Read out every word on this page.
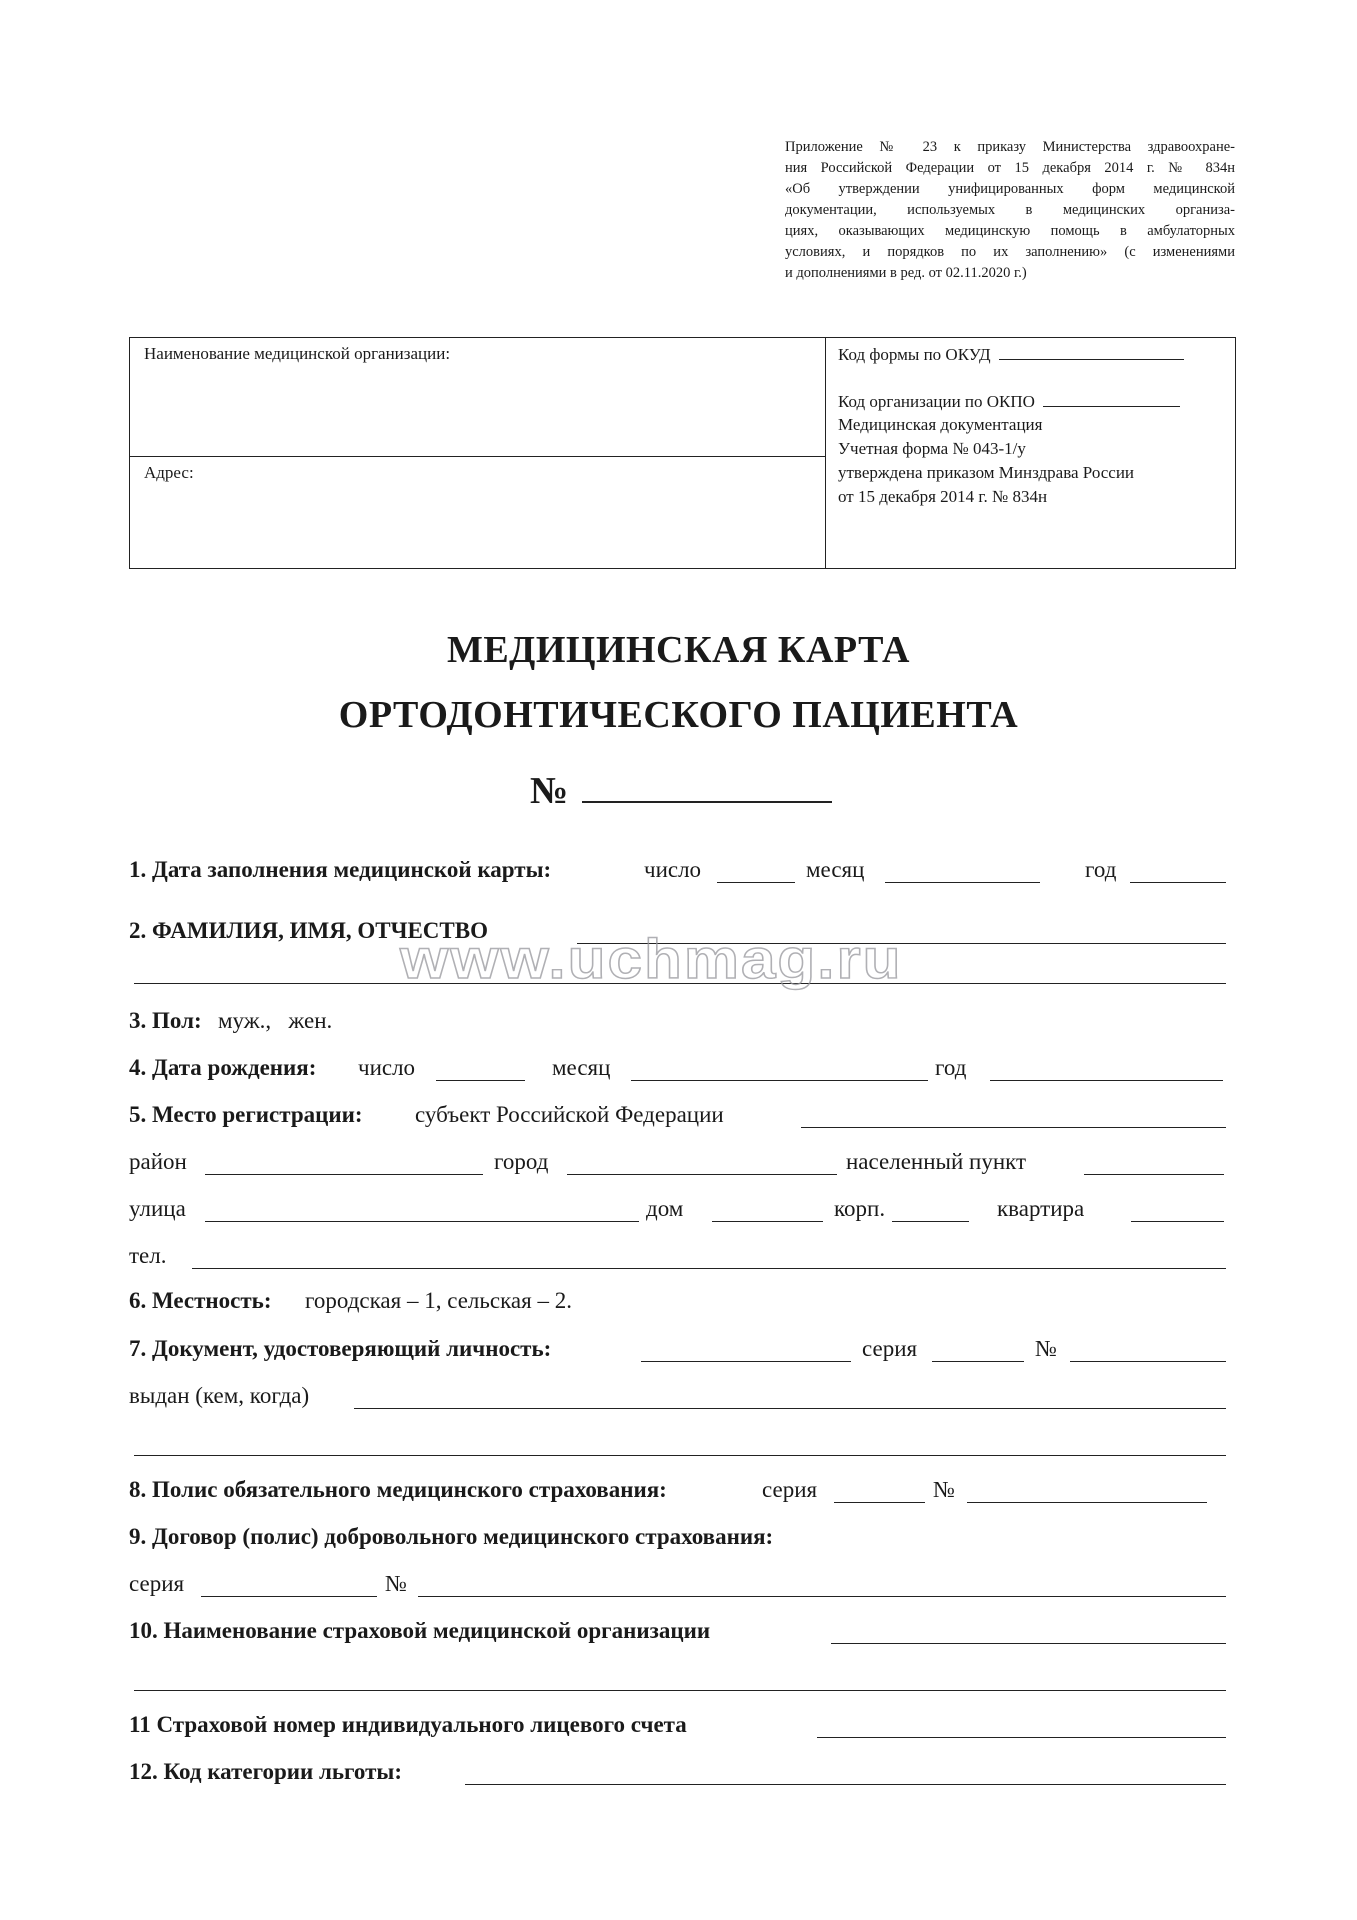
Приложение № 23 к приказу Министерства здравоохране-
ния Российской Федерации от 15 декабря 2014 г. № 834н
«Об утверждении унифицированных форм медицинской
документации, используемых в медицинских организа-
циях, оказывающих медицинскую помощь в амбулаторных
условиях, и порядков по их заполнению» (с изменениями
и дополнениями в ред. от 02.11.2020 г.)
Наименование медицинской организации:
Адрес:
Код формы по ОКУД
Код организации по ОКПО
Медицинская документация
Учетная форма № 043-1/у
утверждена приказом Минздрава России
от 15 декабря 2014 г. № 834н
МЕДИЦИНСКАЯ КАРТА
ОРТОДОНТИЧЕСКОГО ПАЦИЕНТА
№
1. Дата заполнения медицинской карты:	число	месяц	год
2. ФАМИЛИЯ, ИМЯ, ОТЧЕСТВО
www.uchmag.ru
3. Пол: муж.,   жен.
4. Дата рождения: число	месяц	год
5. Место регистрации: субъект Российской Федерации
район	город	населенный пункт
улица	дом	корп.	квартира
тел.
6. Местность: городская – 1, сельская – 2.
7. Документ, удостоверяющий личность:	серия	№
выдан (кем, когда)
8. Полис обязательного медицинского страхования:	серия	№
9. Договор (полис) добровольного медицинского страхования:
серия	№
10. Наименование страховой медицинской организации
11 Страховой номер индивидуального лицевого счета
12. Код категории льготы:
